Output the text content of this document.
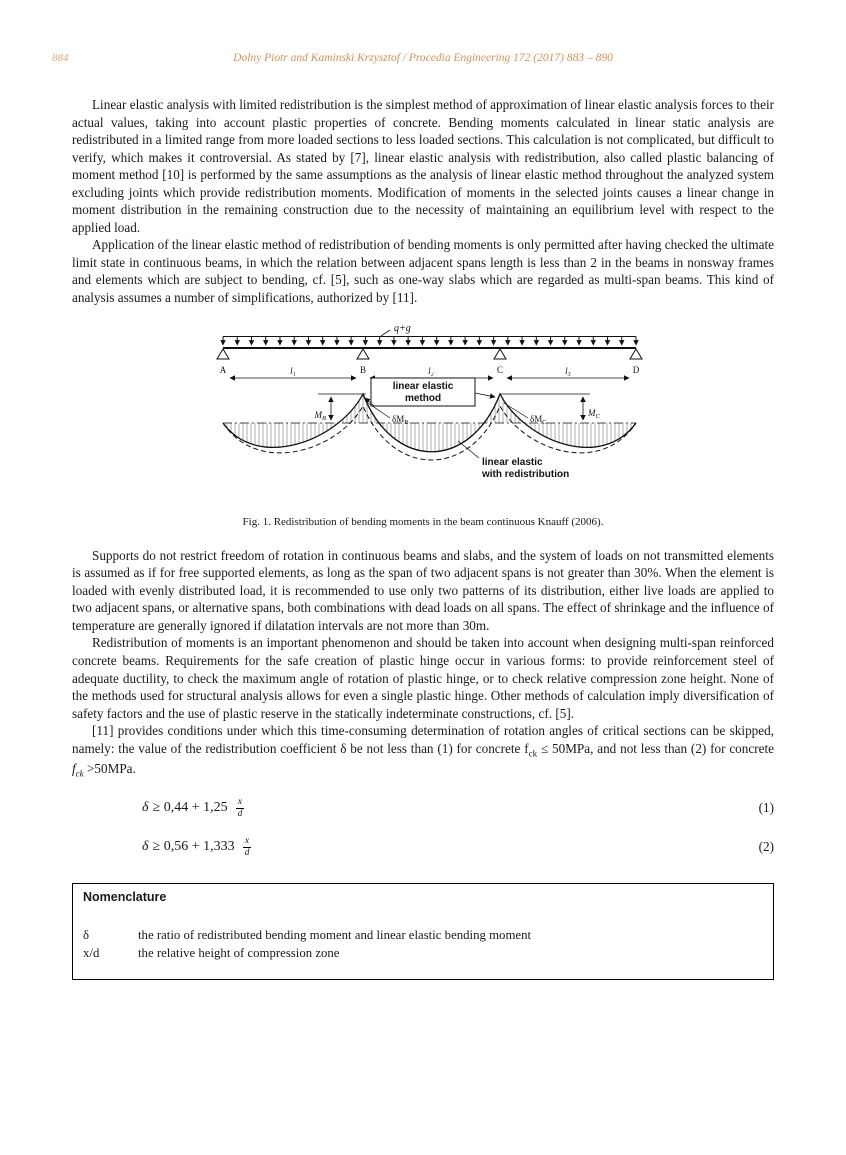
884	Dolny Piotr and Kaminski Krzysztof / Procedia Engineering 172 (2017) 883 – 890

Linear elastic analysis with limited redistribution is the simplest method of approximation of linear elastic analysis forces to their actual values, taking into account plastic properties of concrete. Bending moments calculated in linear static analysis are redistributed in a limited range from more loaded sections to less loaded sections. This calculation is not complicated, but difficult to verify, which makes it controversial. As stated by [7], linear elastic analysis with redistribution, also called plastic balancing of moment method [10] is performed by the same assumptions as the analysis of linear elastic method throughout the analyzed system excluding joints which provide redistribution moments. Modification of moments in the selected joints causes a linear change in moment distribution in the remaining construction due to the necessity of maintaining an equilibrium level with respect to the applied load.

Application of the linear elastic method of redistribution of bending moments is only permitted after having checked the ultimate limit state in continuous beams, in which the relation between adjacent spans length is less than 2 in the beams in nonsway frames and elements which are subject to bending, cf. [5], such as one-way slabs which are regarded as multi-span beams. This kind of analysis assumes a number of simplifications, authorized by [11].

q+g
A	B	C	D
l₁	l₂	l₃
$M_B$	$\delta M_B$	$\delta M_C$
$M_C$
linear elastic
method
linear elastic
with redistribution
Fig. 1. Redistribution of bending moments in the beam continuous Knauff (2006).

Supports do not restrict freedom of rotation in continuous beams and slabs, and the system of loads on not transmitted elements is assumed as if for free supported elements, as long as the span of two adjacent spans is not greater than 30%. When the element is loaded with evenly distributed load, it is recommended to use only two patterns of its distribution, either live loads are applied to two adjacent spans, or alternative spans, both combinations with dead loads on all spans. The effect of shrinkage and the influence of temperature are generally ignored if dilatation intervals are not more than 30m.

Redistribution of moments is an important phenomenon and should be taken into account when designing multi-span reinforced concrete beams. Requirements for the safe creation of plastic hinge occur in various forms: to provide reinforcement steel of adequate ductility, to check the maximum angle of rotation of plastic hinge, or to check relative compression zone height. None of the methods used for structural analysis allows for even a single plastic hinge. Other methods of calculation imply diversification of safety factors and the use of plastic reserve in the statically indeterminate constructions, cf. [5].

[11] provides conditions under which this time-consuming determination of rotation angles of critical sections can be skipped, namely: the value of the redistribution coefficient δ be not less than (1) for concrete $f_{ck} \le 50MPa$, and not less than (2) for concrete $f_{ck} >50MPa$.

$\delta \ge 0,44 + 1,25 \frac{x}{d}$	(1)
$\delta \ge 0,56 + 1,333 \frac{x}{d}$	(2)
Nomenclature
δ	the ratio of redistributed bending moment and linear elastic bending moment
x/d	the relative height of compression zone
